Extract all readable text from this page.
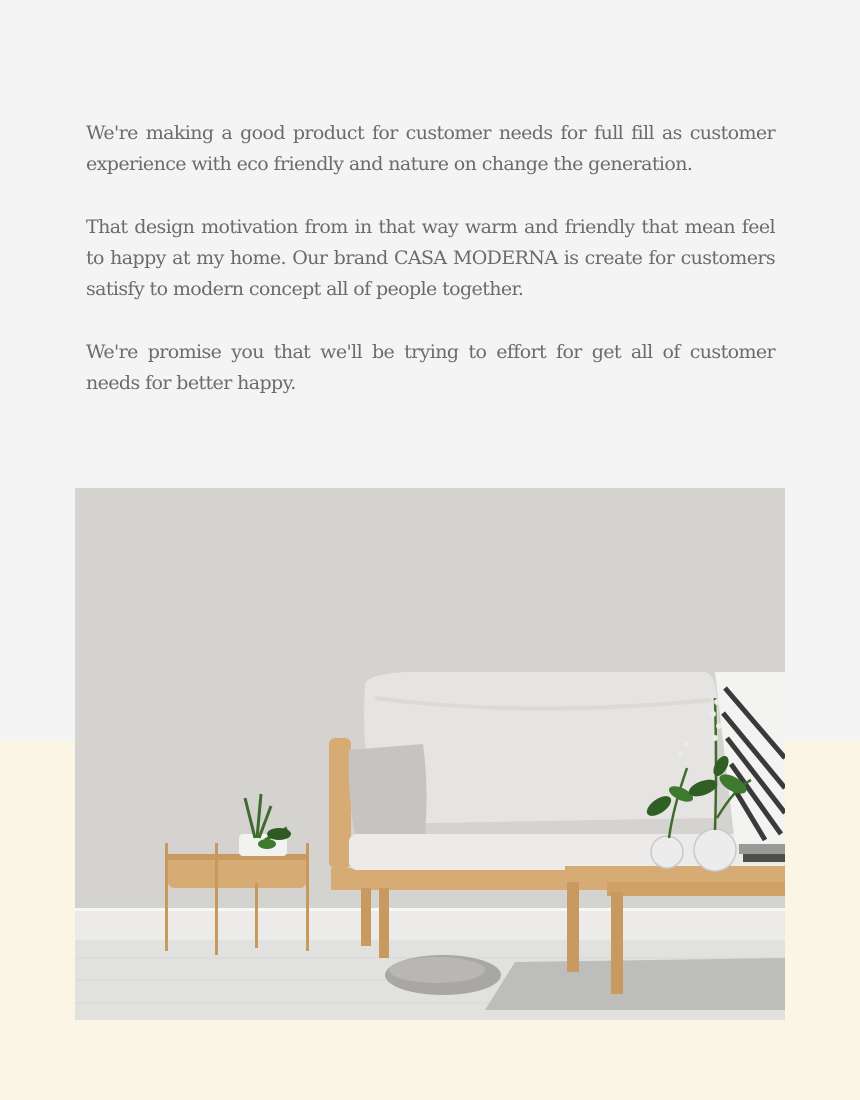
We're making a good product for customer needs for full fill as customer experience with eco friendly and nature on change the generation.

That design motivation from in that way warm and friendly that mean feel to happy at my home. Our brand CASA MODERNA is create for customers satisfy to modern concept all of people together.

We're promise you that we'll be trying to effort for get all of customer needs for better happy.
